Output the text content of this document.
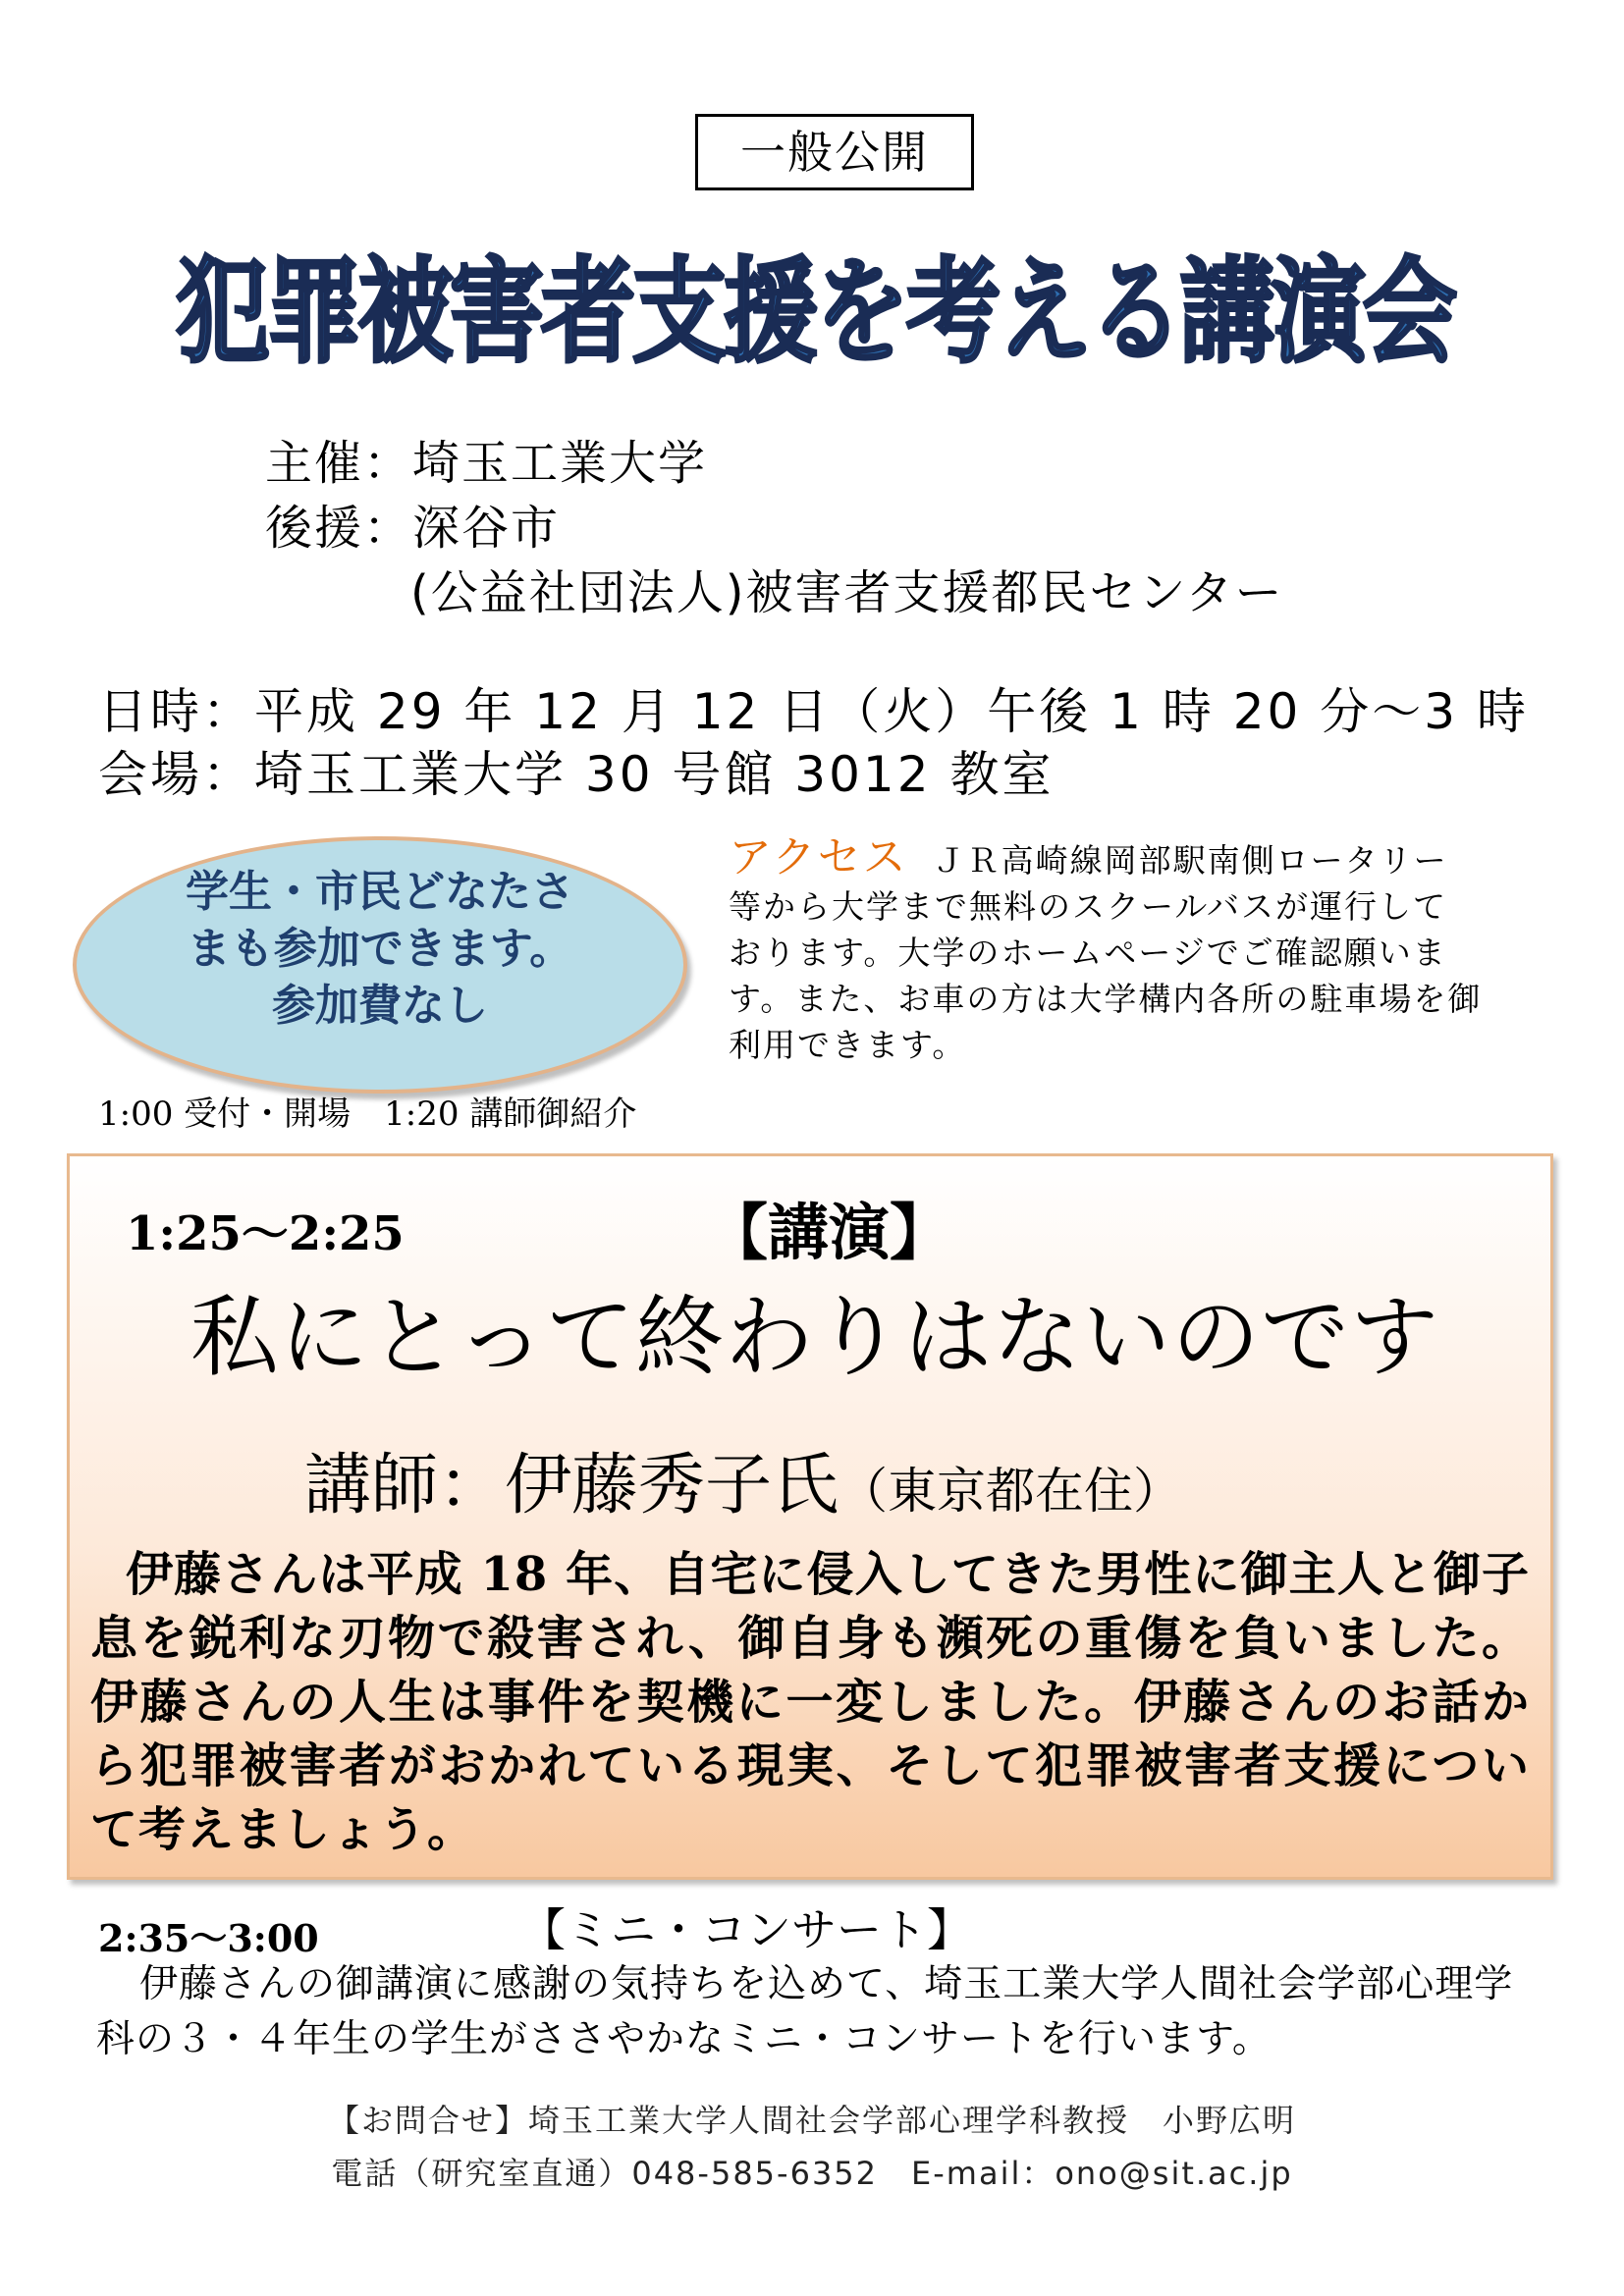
一般公開
犯罪被害者支援を考える講演会
主催：埼玉工業大学
後援：深谷市
(公益社団法人)被害者支援都民センター
日時：平成 29 年 12 月 12 日（火）午後 1 時 20 分～3 時
会場：埼玉工業大学 30 号館 3012 教室
学生・市民どなたさ
まも参加できます。
参加費なし
アクセス ＪＲ高崎線岡部駅南側ロータリー
等から大学まで無料のスクールバスが運行して
おります。大学のホームページでご確認願いま
す。また、お車の方は大学構内各所の駐車場を御
利用できます。
1:00 受付・開場　1:20 講師御紹介
1:25～2:25	【講演】
私にとって終わりはないのです
講師：伊藤秀子氏（東京都在住）
伊藤さんは平成 18 年、自宅に侵入してきた男性に御主人と御子息を鋭利な刃物で殺害され、御自身も瀕死の重傷を負いました。伊藤さんの人生は事件を契機に一変しました。伊藤さんのお話から犯罪被害者がおかれている現実、そして犯罪被害者支援について考えましょう。
2:35～3:00	【ミニ・コンサート】
伊藤さんの御講演に感謝の気持ちを込めて、埼玉工業大学人間社会学部心理学科の３・４年生の学生がささやかなミニ・コンサートを行います。
【お問合せ】埼玉工業大学人間社会学部心理学科教授　小野広明
電話（研究室直通）048-585-6352　E-mail：ono@sit.ac.jp
